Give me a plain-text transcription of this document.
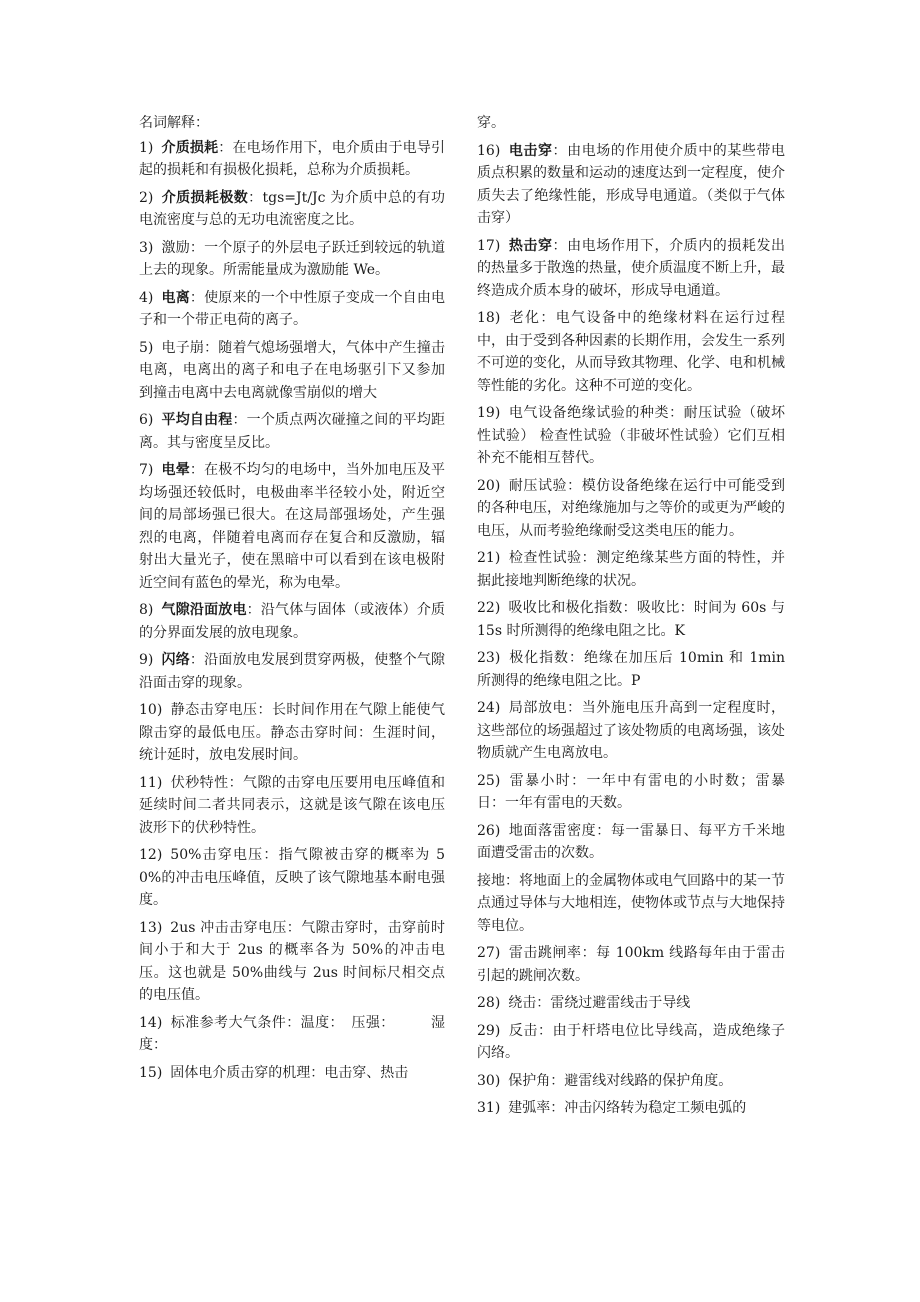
名词解释：

1) 介质损耗：在电场作用下，电介质由于电导引起的损耗和有损极化损耗，总称为介质损耗。

2) 介质损耗极数：tgs=Jt/Jc 为介质中总的有功电流密度与总的无功电流密度之比。

3) 激励：一个原子的外层电子跃迁到较远的轨道上去的现象。所需能量成为激励能 We。

4) 电离：使原来的一个中性原子变成一个自由电子和一个带正电荷的离子。

5) 电子崩：随着气熄场强增大，气体中产生撞击电离，电离出的离子和电子在电场驱引下又参加到撞击电离中去电离就像雪崩似的增大

6) 平均自由程：一个质点两次碰撞之间的平均距离。其与密度呈反比。

7) 电晕：在极不均匀的电场中，当外加电压及平均场强还较低时，电极曲率半径较小处，附近空间的局部场强已很大。在这局部强场处，产生强烈的电离，伴随着电离而存在复合和反激励，辐射出大量光子，使在黑暗中可以看到在该电极附近空间有蓝色的晕光，称为电晕。

8) 气隙沿面放电：沿气体与固体（或液体）介质的分界面发展的放电现象。

9) 闪络：沿面放电发展到贯穿两极，使整个气隙沿面击穿的现象。

10) 静态击穿电压：长时间作用在气隙上能使气隙击穿的最低电压。静态击穿时间：生涯时间，统计延时，放电发展时间。

11) 伏秒特性：气隙的击穿电压要用电压峰值和延续时间二者共同表示，这就是该气隙在该电压波形下的伏秒特性。

12) 50%击穿电压：指气隙被击穿的概率为 50%的冲击电压峰值，反映了该气隙地基本耐电强度。

13) 2us 冲击击穿电压：气隙击穿时，击穿前时间小于和大于 2us 的概率各为 50%的冲击电压。这也就是 50%曲线与 2us 时间标尺相交点的电压值。

14) 标准参考大气条件：温度：　压强：　　　湿度：

15) 固体电介质击穿的机理：电击穿、热击

穿。

16) 电击穿：由电场的作用使介质中的某些带电质点积累的数量和运动的速度达到一定程度，使介质失去了绝缘性能，形成导电通道。（类似于气体击穿）

17) 热击穿：由电场作用下，介质内的损耗发出的热量多于散逸的热量，使介质温度不断上升，最终造成介质本身的破坏，形成导电通道。

18) 老化：电气设备中的绝缘材料在运行过程中，由于受到各种因素的长期作用，会发生一系列不可逆的变化，从而导致其物理、化学、电和机械等性能的劣化。这种不可逆的变化。

19) 电气设备绝缘试验的种类：耐压试验（破坏性试验） 检查性试验（非破坏性试验）它们互相补充不能相互替代。

20) 耐压试验：模仿设备绝缘在运行中可能受到的各种电压，对绝缘施加与之等价的或更为严峻的电压，从而考验绝缘耐受这类电压的能力。

21) 检查性试验：测定绝缘某些方面的特性，并据此接地判断绝缘的状况。

22) 吸收比和极化指数：吸收比：时间为 60s 与 15s 时所测得的绝缘电阻之比。K

23) 极化指数：绝缘在加压后 10min 和 1min 所测得的绝缘电阻之比。P

24) 局部放电：当外施电压升高到一定程度时，这些部位的场强超过了该处物质的电离场强，该处物质就产生电离放电。

25) 雷暴小时：一年中有雷电的小时数；雷暴日：一年有雷电的天数。

26) 地面落雷密度：每一雷暴日、每平方千米地面遭受雷击的次数。

接地：将地面上的金属物体或电气回路中的某一节点通过导体与大地相连，使物体或节点与大地保持等电位。

27) 雷击跳闸率：每 100km 线路每年由于雷击引起的跳闸次数。

28) 绕击：雷绕过避雷线击于导线

29) 反击：由于杆塔电位比导线高，造成绝缘子闪络。

30) 保护角：避雷线对线路的保护角度。

31) 建弧率：冲击闪络转为稳定工频电弧的
